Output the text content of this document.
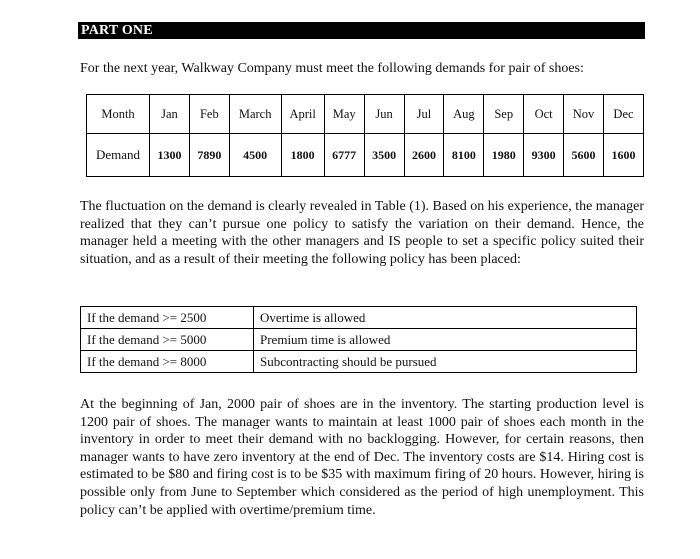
PART ONE
For the next year, Walkway Company must meet the following demands for pair of shoes:
Month	Jan	Feb	March	April	May	Jun	Jul	Aug	Sep	Oct	Nov	Dec
Demand	1300	7890	4500	1800	6777	3500	2600	8100	1980	9300	5600	1600

The fluctuation on the demand is clearly revealed in Table (1). Based on his experience, the manager realized that they can’t pursue one policy to satisfy the variation on their demand. Hence, the manager held a meeting with the other managers and IS people to set a specific policy suited their situation, and as a result of their meeting the following policy has been placed:

If the demand >= 2500	Overtime is allowed
If the demand >= 5000	Premium time is allowed
If the demand >= 8000	Subcontracting should be pursued

At the beginning of Jan, 2000 pair of shoes are in the inventory. The starting production level is 1200 pair of shoes. The manager wants to maintain at least 1000 pair of shoes each month in the inventory in order to meet their demand with no backlogging. However, for certain reasons, then manager wants to have zero inventory at the end of Dec. The inventory costs are $14. Hiring cost is estimated to be $80 and firing cost is to be $35 with maximum firing of 20 hours. However, hiring is possible only from June to September which considered as the period of high unemployment. This policy can’t be applied with overtime/premium time.
